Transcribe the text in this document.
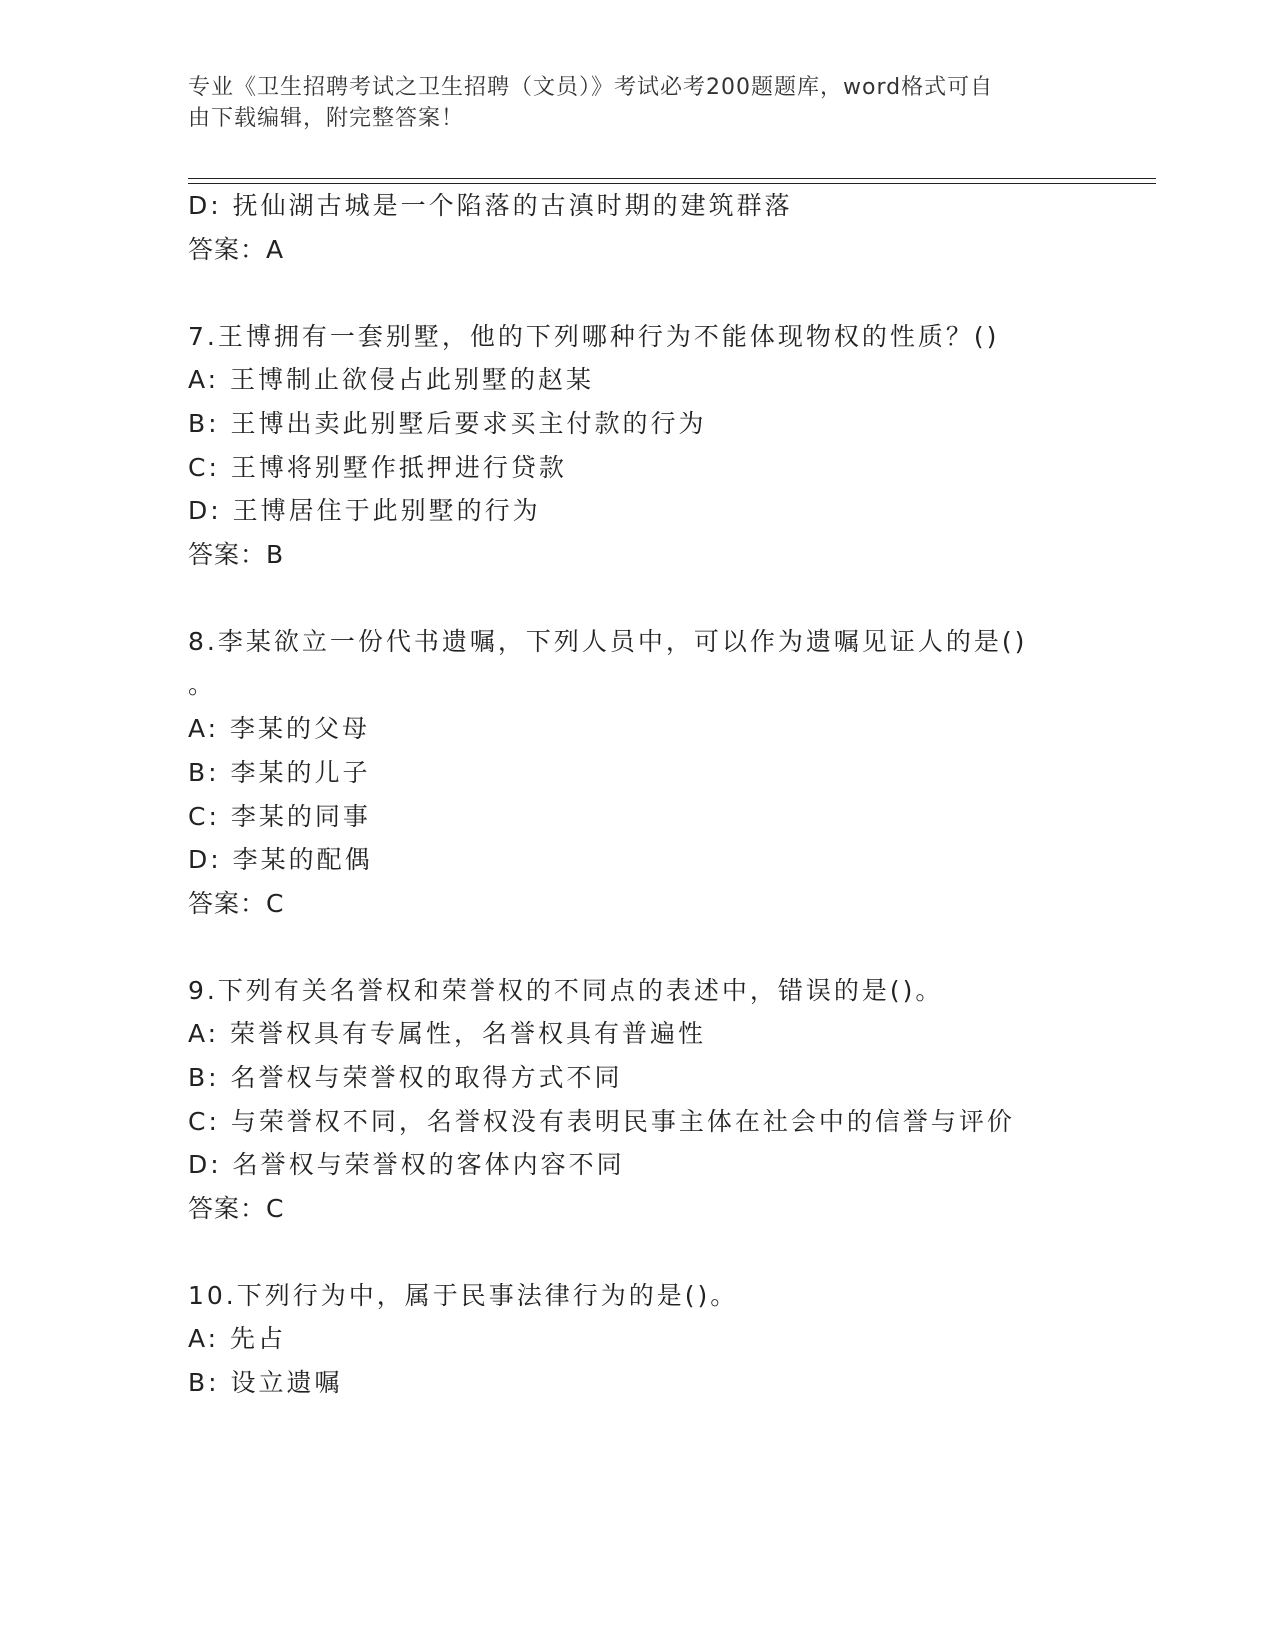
专业《卫生招聘考试之卫生招聘（文员）》考试必考200题题库，word格式可自
由下载编辑，附完整答案！
D: 抚仙湖古城是一个陷落的古滇时期的建筑群落
答案：A
7.王博拥有一套别墅，他的下列哪种行为不能体现物权的性质？()
A: 王博制止欲侵占此别墅的赵某
B: 王博出卖此别墅后要求买主付款的行为
C: 王博将别墅作抵押进行贷款
D: 王博居住于此别墅的行为
答案：B
8.李某欲立一份代书遗嘱，下列人员中，可以作为遗嘱见证人的是()
。
A: 李某的父母
B: 李某的儿子
C: 李某的同事
D: 李某的配偶
答案：C
9.下列有关名誉权和荣誉权的不同点的表述中，错误的是()。
A: 荣誉权具有专属性，名誉权具有普遍性
B: 名誉权与荣誉权的取得方式不同
C: 与荣誉权不同，名誉权没有表明民事主体在社会中的信誉与评价
D: 名誉权与荣誉权的客体内容不同
答案：C
10.下列行为中，属于民事法律行为的是()。
A: 先占
B: 设立遗嘱
